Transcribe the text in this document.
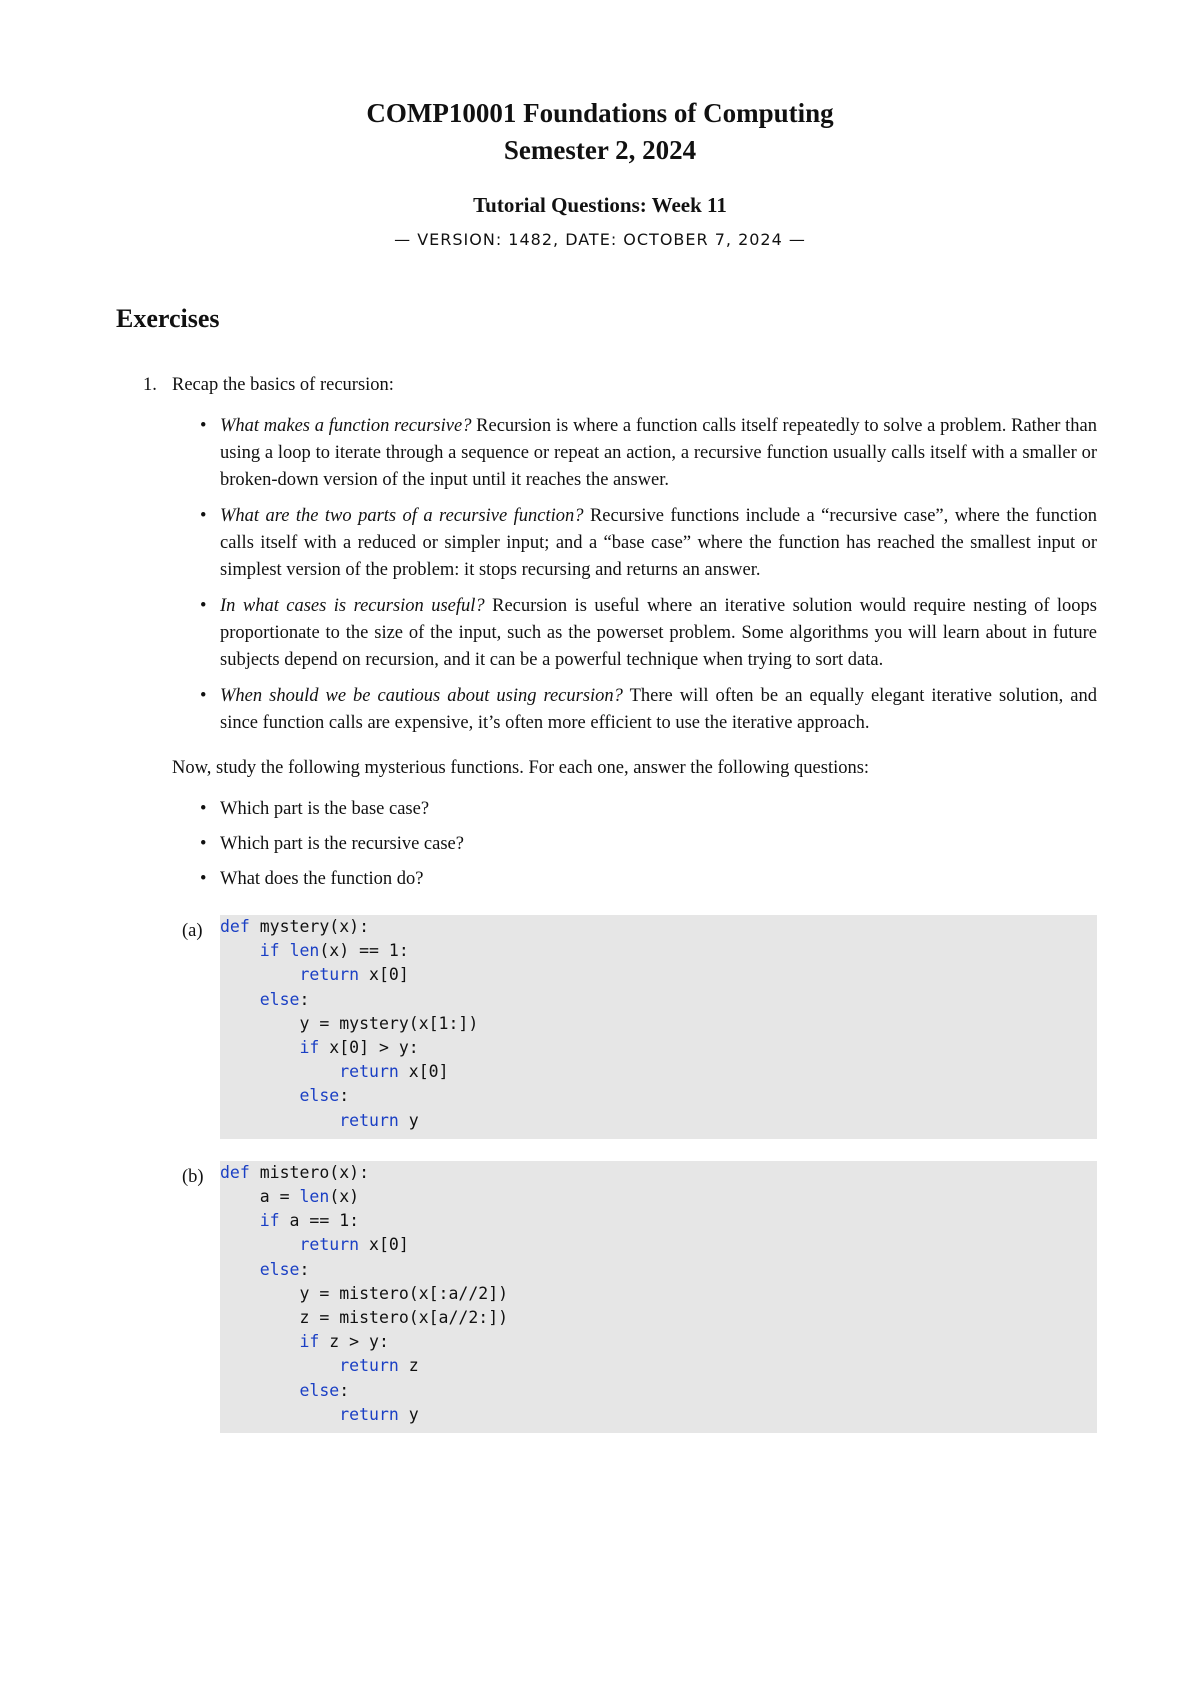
COMP10001 Foundations of Computing
Semester 2, 2024
Tutorial Questions: Week 11
— VERSION: 1482, DATE: OCTOBER 7, 2024 —
Exercises
1. Recap the basics of recursion:
• What makes a function recursive? Recursion is where a function calls itself repeatedly to solve a problem. Rather than using a loop to iterate through a sequence or repeat an action, a recursive function usually calls itself with a smaller or broken-down version of the input until it reaches the answer.
• What are the two parts of a recursive function? Recursive functions include a “recursive case”, where the function calls itself with a reduced or simpler input; and a “base case” where the function has reached the smallest input or simplest version of the problem: it stops recursing and returns an answer.
• In what cases is recursion useful? Recursion is useful where an iterative solution would require nesting of loops proportionate to the size of the input, such as the powerset problem. Some algorithms you will learn about in future subjects depend on recursion, and it can be a powerful technique when trying to sort data.
• When should we be cautious about using recursion? There will often be an equally elegant iterative solution, and since function calls are expensive, it’s often more efficient to use the iterative approach.
Now, study the following mysterious functions. For each one, answer the following questions:
• Which part is the base case?
• Which part is the recursive case?
• What does the function do?
(a) def mystery(x):
if len(x) == 1:
return x[0]
else:
y = mystery(x[1:])
if x[0] > y:
return x[0]
else:
return y
(b) def mistero(x):
a = len(x)
if a == 1:
return x[0]
else:
y = mistero(x[:a//2])
z = mistero(x[a//2:])
if z > y:
return z
else:
return y
